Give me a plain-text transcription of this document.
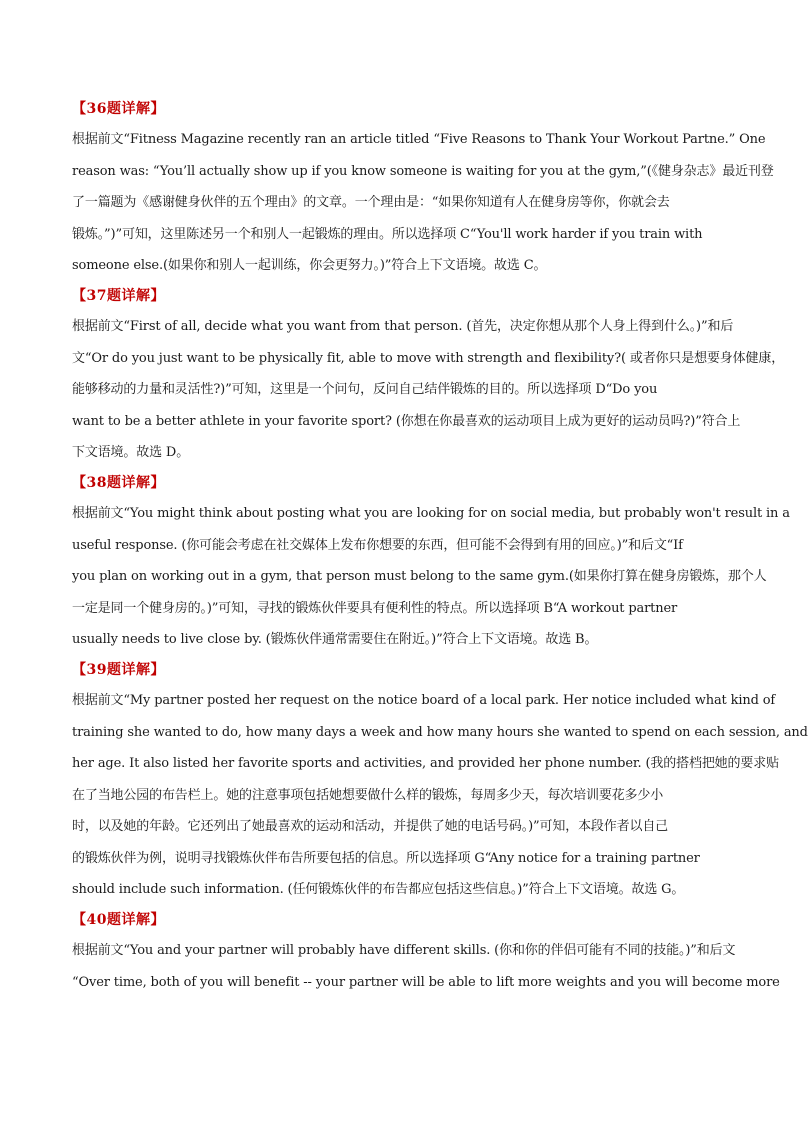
【36题详解】
根据前文“Fitness Magazine recently ran an article titled “Five Reasons to Thank Your Workout Partne.” One
reason was: “You’ll actually show up if you know someone is waiting for you at the gym,”(《健身杂志》最近刊登
了一篇题为《感谢健身伙伴的五个理由》的文章。一个理由是：“如果你知道有人在健身房等你，你就会去
锻炼。”)”可知，这里陈述另一个和别人一起锻炼的理由。所以选择项 C“You'll work harder if you train with
someone else.(如果你和别人一起训练，你会更努力。)”符合上下文语境。故选 C。
【37题详解】
根据前文“First of all, decide what you want from that person. (首先，决定你想从那个人身上得到什么。)”和后
文“Or do you just want to be physically fit, able to move with strength and flexibility?( 或者你只是想要身体健康，
能够移动的力量和灵活性?)”可知，这里是一个问句，反问自己结伴锻炼的目的。所以选择项 D“Do you
want to be a better athlete in your favorite sport? (你想在你最喜欢的运动项目上成为更好的运动员吗?)”符合上
下文语境。故选 D。
【38题详解】
根据前文“You might think about posting what you are looking for on social media, but probably won't result in a
useful response. (你可能会考虑在社交媒体上发布你想要的东西，但可能不会得到有用的回应。)”和后文“If
you plan on working out in a gym, that person must belong to the same gym.(如果你打算在健身房锻炼，那个人
一定是同一个健身房的。)”可知，寻找的锻炼伙伴要具有便利性的特点。所以选择项 B“A workout partner
usually needs to live close by. (锻炼伙伴通常需要住在附近。)”符合上下文语境。故选 B。
【39题详解】
根据前文“My partner posted her request on the notice board of a local park. Her notice included what kind of
training she wanted to do, how many days a week and how many hours she wanted to spend on each session, and
her age. It also listed her favorite sports and activities, and provided her phone number. (我的搭档把她的要求贴
在了当地公园的布告栏上。她的注意事项包括她想要做什么样的锻炼，每周多少天，每次培训要花多少小
时，以及她的年龄。它还列出了她最喜欢的运动和活动，并提供了她的电话号码。)”可知，本段作者以自己
的锻炼伙伴为例，说明寻找锻炼伙伴布告所要包括的信息。所以选择项 G“Any notice for a training partner
should include such information. (任何锻炼伙伴的布告都应包括这些信息。)”符合上下文语境。故选 G。
【40题详解】
根据前文“You and your partner will probably have different skills. (你和你的伴侣可能有不同的技能。)”和后文
“Over time, both of you will benefit -- your partner will be able to lift more weights and you will become more
